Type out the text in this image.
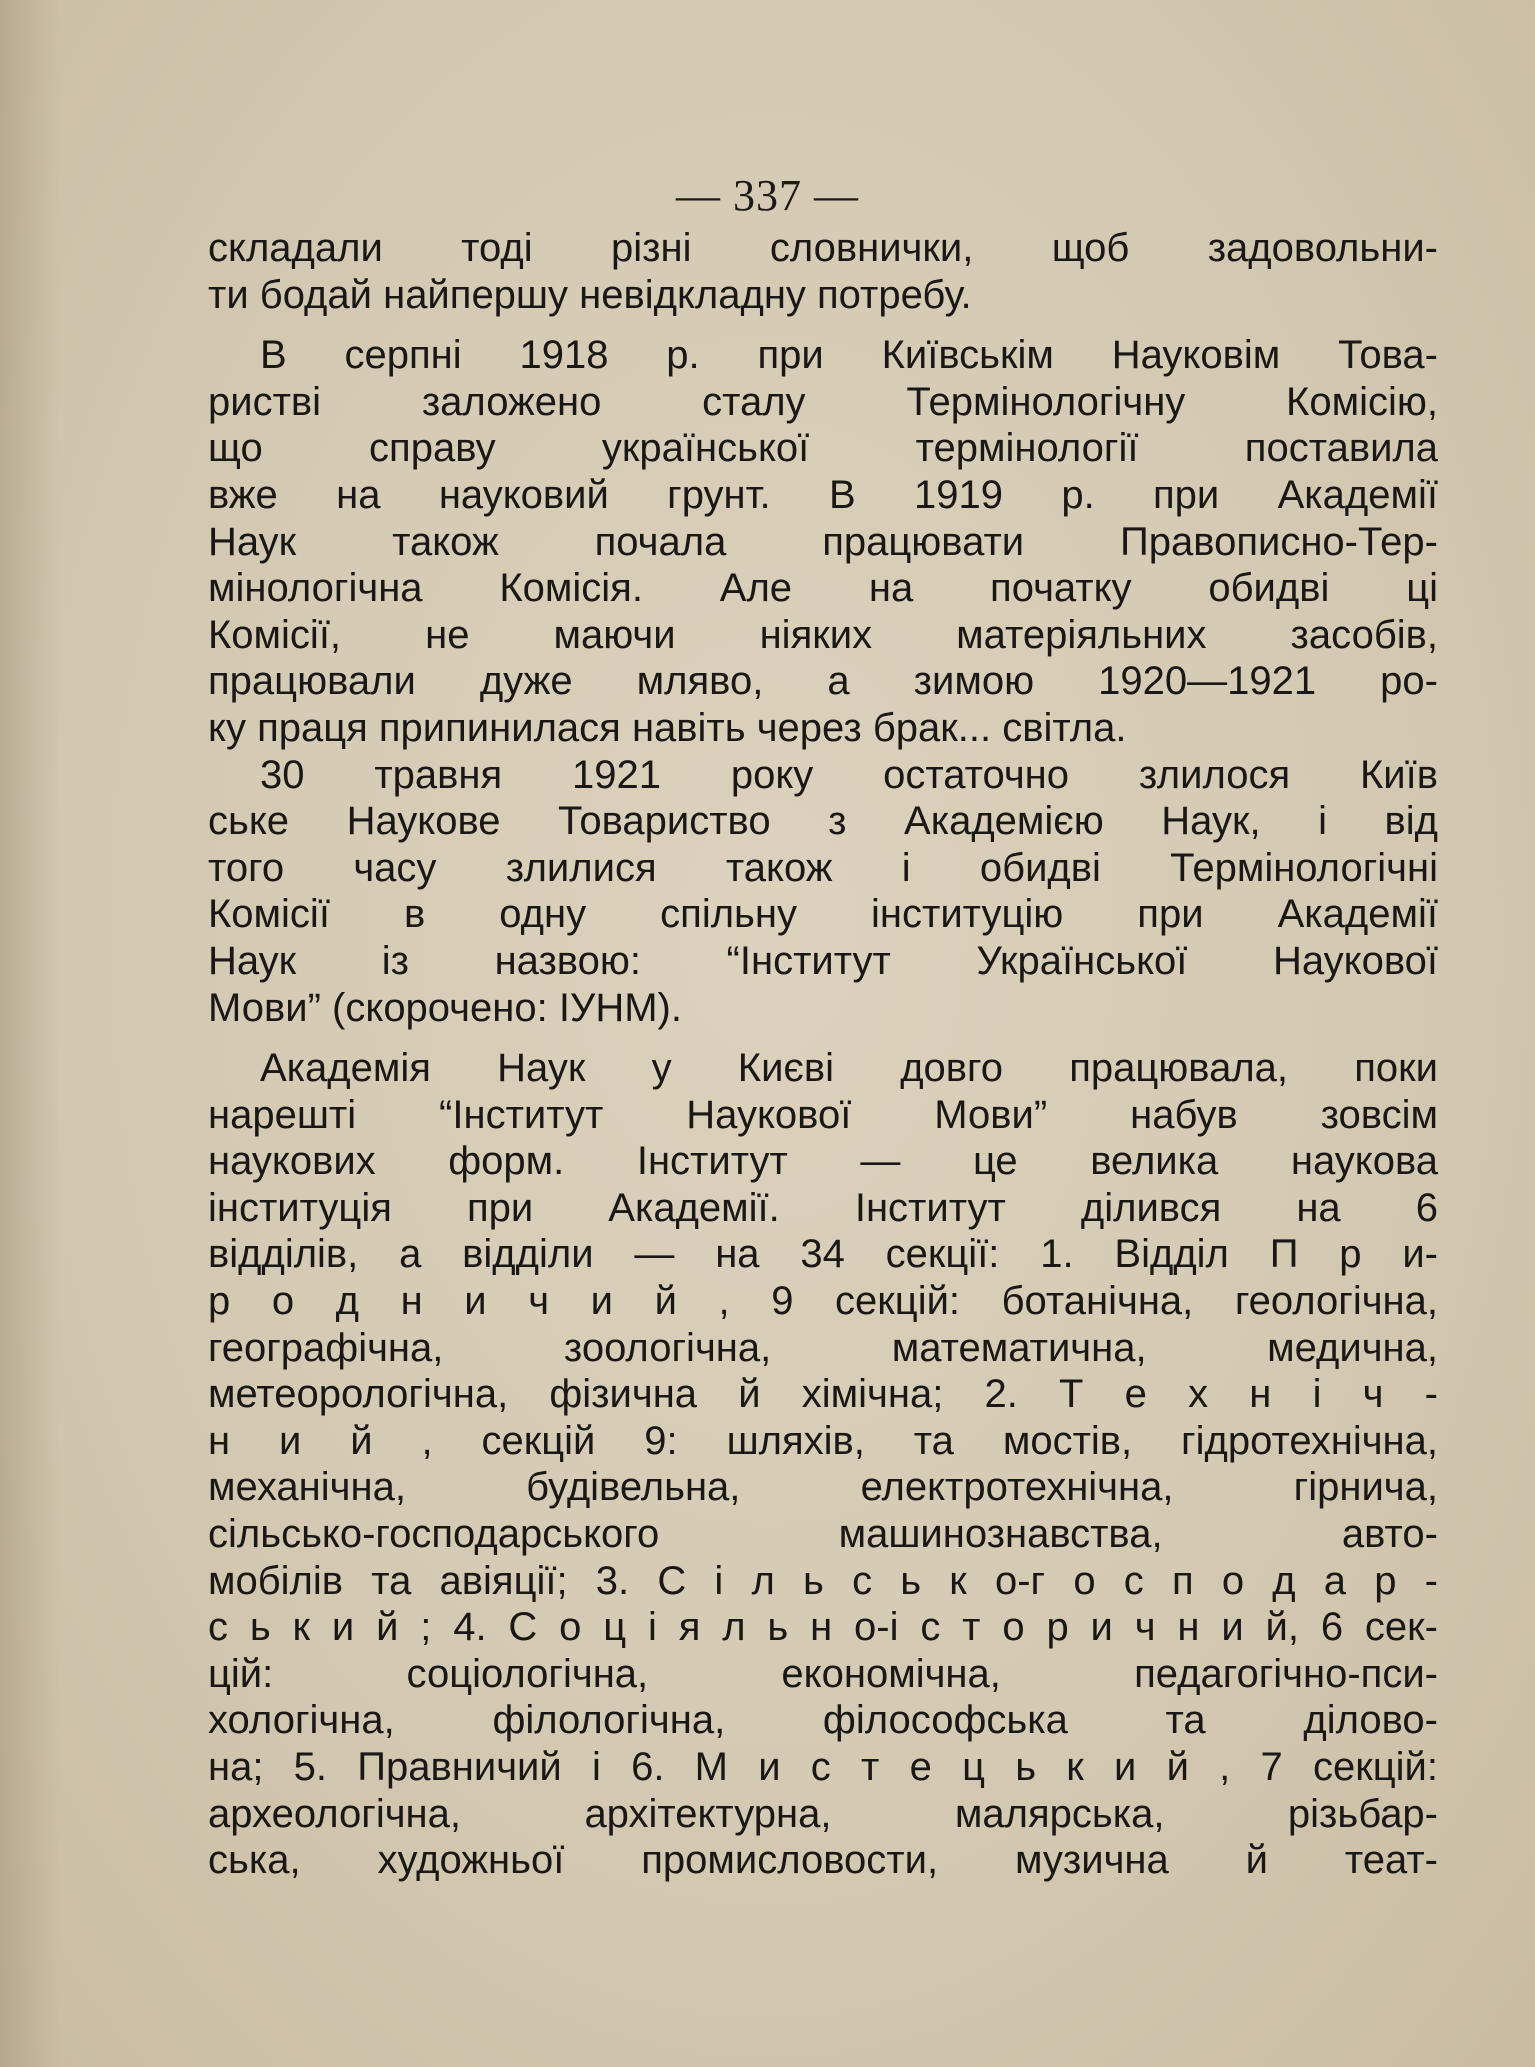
— 337 —
складали тоді різні словнички, щоб задовольни-
ти бодай найпершу невідкладну потребу.
В серпні 1918 р. при Київськім Науковім Това-
ристві заложено сталу Термінологічну Комісію,
що справу української термінології поставила
вже на науковий грунт. В 1919 р. при Академії
Наук також почала працювати Правописно-Тер-
мінологічна Комісія. Але на початку обидві ці
Комісії, не маючи ніяких матеріяльних засобів,
працювали дуже мляво, а зимою 1920—1921 ро-
ку праця припинилася навіть через брак... світла.
30 травня 1921 року остаточно злилося Київ
ське Наукове Товариство з Академією Наук, і від
того часу злилися також і обидві Термінологічні
Комісії в одну спільну інституцію при Академії
Наук із назвою: “Інститут Української Наукової
Мови” (скорочено: ІУНМ).
Академія Наук у Києві довго працювала, поки
нарешті “Інститут Наукової Мови” набув зовсім
наукових форм. Інститут — це велика наукова
інституція при Академії. Інститут ділився на 6
відділів, а відділи — на 34 секції: 1. Відділ П р и-
р о д н и ч и й , 9 секцій: ботанічна, геологічна,
географічна, зоологічна, математична, медична,
метеорологічна, фізична й хімічна; 2. Т е х н і ч -
н и й , секцій 9: шляхів, та мостів, гідротехнічна,
механічна, будівельна, електротехнічна, гірнича,
сільсько-господарського машинознавства, авто-
мобілів та авіяції; 3. С і л ь с ь к о-г о с п о д а р -
с ь к и й ; 4. С о ц і я л ь н о-і с т о р и ч н и й, 6 сек-
цій: соціологічна, економічна, педагогічно-пси-
хологічна, філологічна, філософська та ділово-
на; 5. Правничий і 6. М и с т е ц ь к и й , 7 секцій:
археологічна, архітектурна, малярська, різьбар-
ська, художньої промисловости, музична й теат-
